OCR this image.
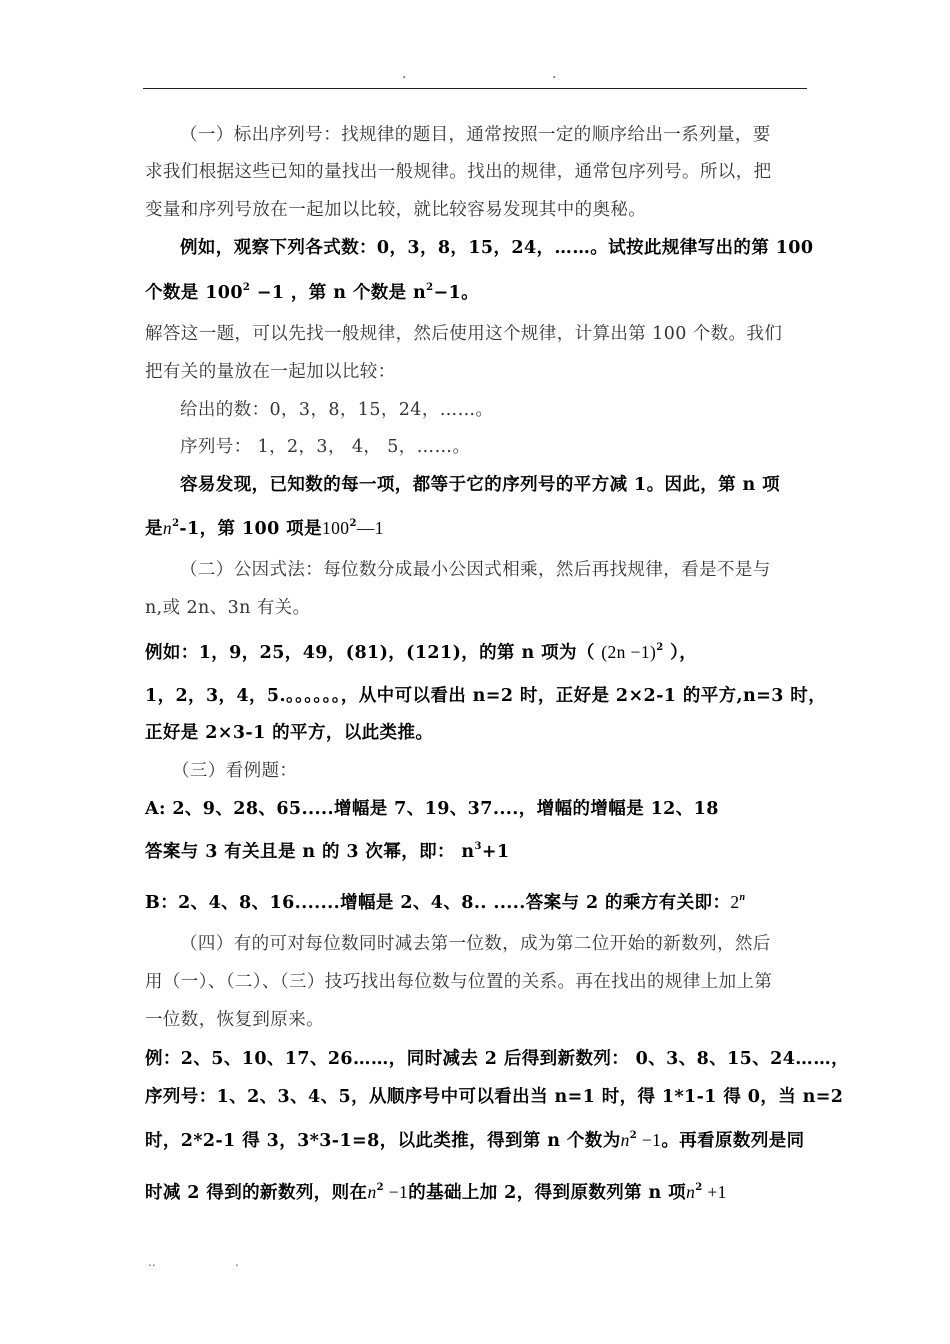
.	.
（一）标出序列号：找规律的题目，通常按照一定的顺序给出一系列量，要
求我们根据这些已知的量找出一般规律。找出的规律，通常包序列号。所以，把
变量和序列号放在一起加以比较，就比较容易发现其中的奥秘。
例如，观察下列各式数：0，3，8，15，24，……。试按此规律写出的第 100
个数是 $100^2 -1$ ，第 n 个数是 $n^2-1$。
解答这一题，可以先找一般规律，然后使用这个规律，计算出第 100 个数。我们
把有关的量放在一起加以比较：
给出的数：0，3，8，15，24，……。
序列号： 1，2，3， 4， 5，……。
容易发现，已知数的每一项，都等于它的序列号的平方减 1。因此，第 n 项
是$n^2-1$，第 100 项是$100^2—1$
（二）公因式法：每位数分成最小公因式相乘，然后再找规律，看是不是与
n,或 2n、3n 有关。
例如：1，9，25，49，(81)，(121)，的第 n 项为（ $(2n -1)^2$ ），
1，2，3，4，5.。。。。。。，从中可以看出 n=2 时，正好是 2×2-1 的平方,n=3 时，
正好是 2×3-1 的平方，以此类推。
（三）看例题：
A: 2、9、28、65.....增幅是 7、19、37....，增幅的增幅是 12、18
答案与 3 有关且是 n 的 3 次幂，即： $n^3+1$
B：2、4、8、16.......增幅是 2、4、8.. .....答案与 2 的乘方有关即：2$^n$
（四）有的可对每位数同时减去第一位数，成为第二位开始的新数列，然后
用（一）、（二）、（三）技巧找出每位数与位置的关系。再在找出的规律上加上第
一位数，恢复到原来。
例：2、5、10、17、26……，同时减去 2 后得到新数列： 0、3、8、15、24……，
序列号：1、2、3、4、5，从顺序号中可以看出当 n=1 时，得 1*1-1 得 0，当 n=2
时，2*2-1 得 3，3*3-1=8，以此类推，得到第 n 个数为$n^2 -1$。再看原数列是同
时减 2 得到的新数列，则在$n^2 -1$的基础上加 2，得到原数列第 n 项$n^2 +1$
..	.
